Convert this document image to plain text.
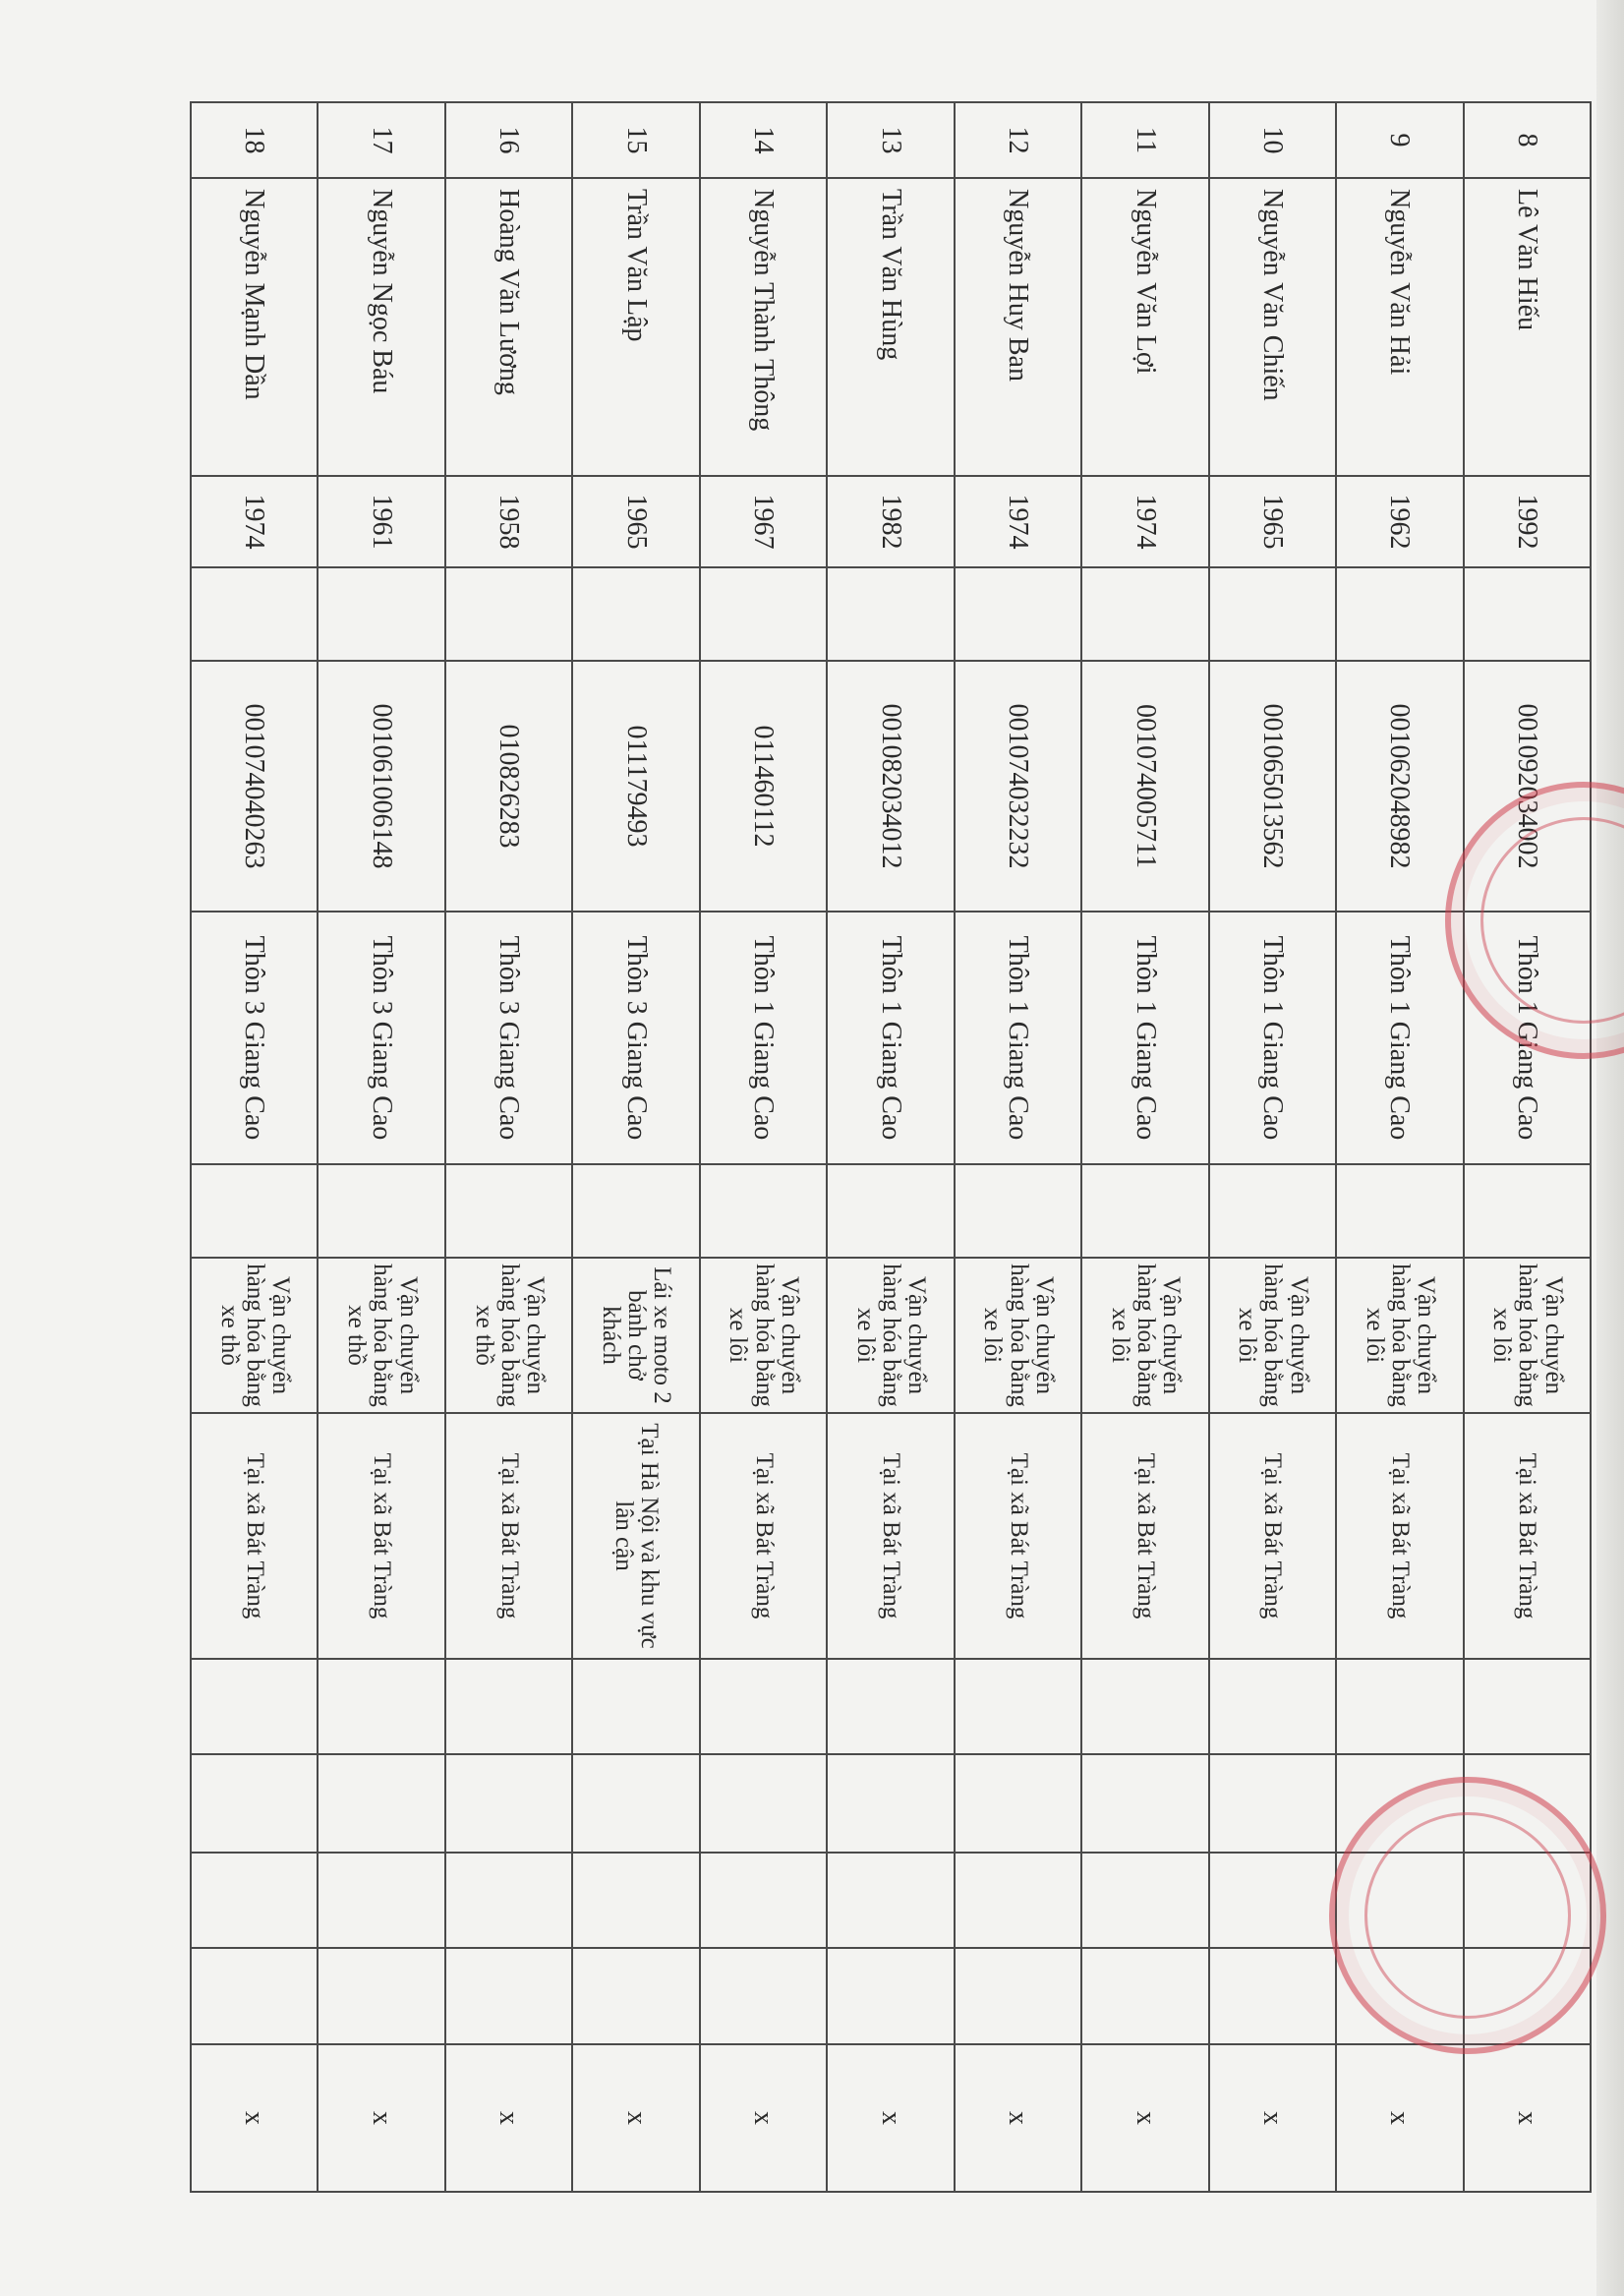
8	Lê Văn Hiếu	1992		001092034002	Thôn 1 Giang Cao		Vận chuyển hàng hóa bằng xe lôi	Tại xã Bát Tràng					x
9	Nguyễn Văn Hải	1962		001062048982	Thôn 1 Giang Cao		Vận chuyển hàng hóa bằng xe lôi	Tại xã Bát Tràng					x
10	Nguyễn Văn Chiến	1965		001065013562	Thôn 1 Giang Cao		Vận chuyển hàng hóa bằng xe lôi	Tại xã Bát Tràng					x
11	Nguyễn Văn Lợi	1974		001074005711	Thôn 1 Giang Cao		Vận chuyển hàng hóa bằng xe lôi	Tại xã Bát Tràng					x
12	Nguyễn Huy Ban	1974		001074032232	Thôn 1 Giang Cao		Vận chuyển hàng hóa bằng xe lôi	Tại xã Bát Tràng					x
13	Trần Văn Hùng	1982		001082034012	Thôn 1 Giang Cao		Vận chuyển hàng hóa bằng xe lôi	Tại xã Bát Tràng					x
14	Nguyễn Thành Thông	1967		011460112	Thôn 1 Giang Cao		Vận chuyển hàng hóa bằng xe lôi	Tại xã Bát Tràng					x
15	Trần Văn Lập	1965		011179493	Thôn 3 Giang Cao		Lái xe moto 2 bánh chở khách	Tại Hà Nội và khu vực lân cận					x
16	Hoàng Văn Lương	1958		010826283	Thôn 3 Giang Cao		Vận chuyển hàng hóa bằng xe thồ	Tại xã Bát Tràng					x
17	Nguyễn Ngọc Báu	1961		001061006148	Thôn 3 Giang Cao		Vận chuyển hàng hóa bằng xe thồ	Tại xã Bát Tràng					x
18	Nguyễn Mạnh Dần	1974		001074040263	Thôn 3 Giang Cao		Vận chuyển hàng hóa bằng xe thồ	Tại xã Bát Tràng					x
